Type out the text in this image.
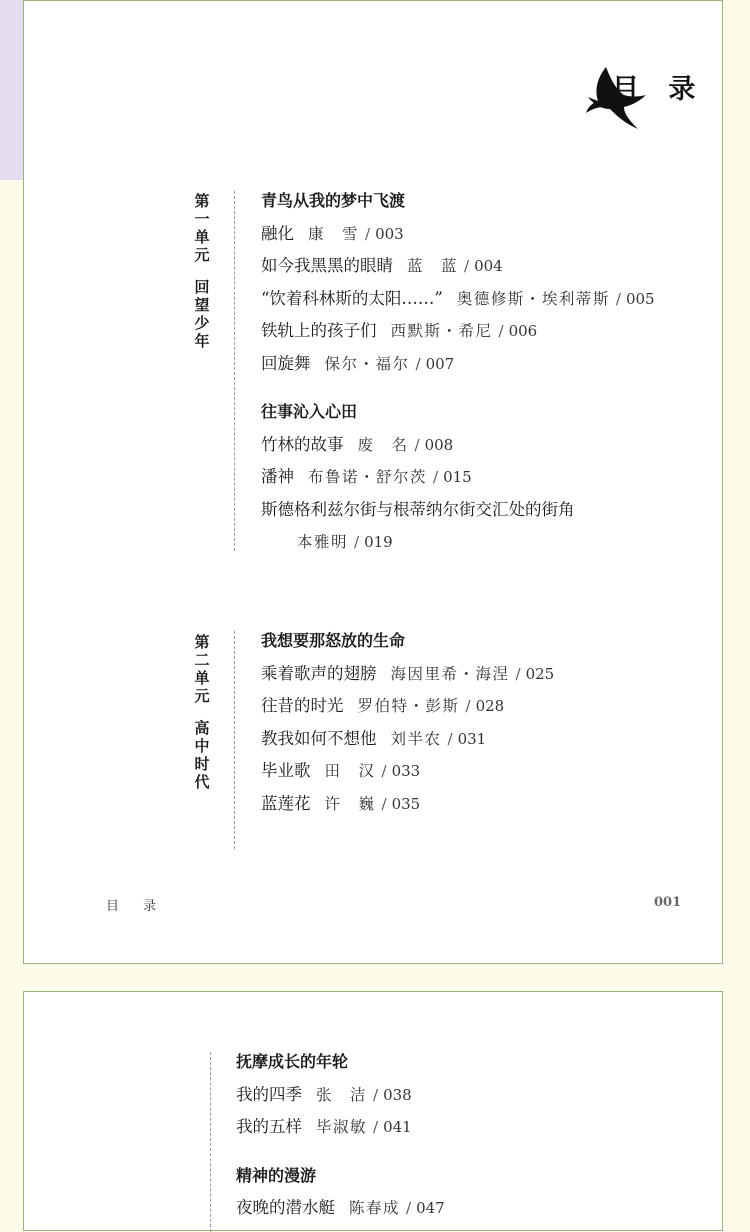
目 录
第一单元
回望少年
青鸟从我的梦中飞渡
融化 康　雪 / 003
如今我黑黑的眼睛 蓝　蓝 / 004
“饮着科林斯的太阳……” 奥德修斯・埃利蒂斯 / 005
铁轨上的孩子们 西默斯・希尼 / 006
回旋舞 保尔・福尔 / 007
往事沁入心田
竹林的故事 废　名 / 008
潘神 布鲁诺・舒尔茨 / 015
斯德格利兹尔街与根蒂纳尔街交汇处的街角
本雅明 / 019
第二单元
高中时代
我想要那怒放的生命
乘着歌声的翅膀 海因里希・海涅 / 025
往昔的时光 罗伯特・彭斯 / 028
教我如何不想他 刘半农 / 031
毕业歌 田　汉 / 033
蓝莲花 许　巍 / 035
目 录	001
抚摩成长的年轮
我的四季 张　洁 / 038
我的五样 毕淑敏 / 041
精神的漫游
夜晚的潜水艇 陈春成 / 047
